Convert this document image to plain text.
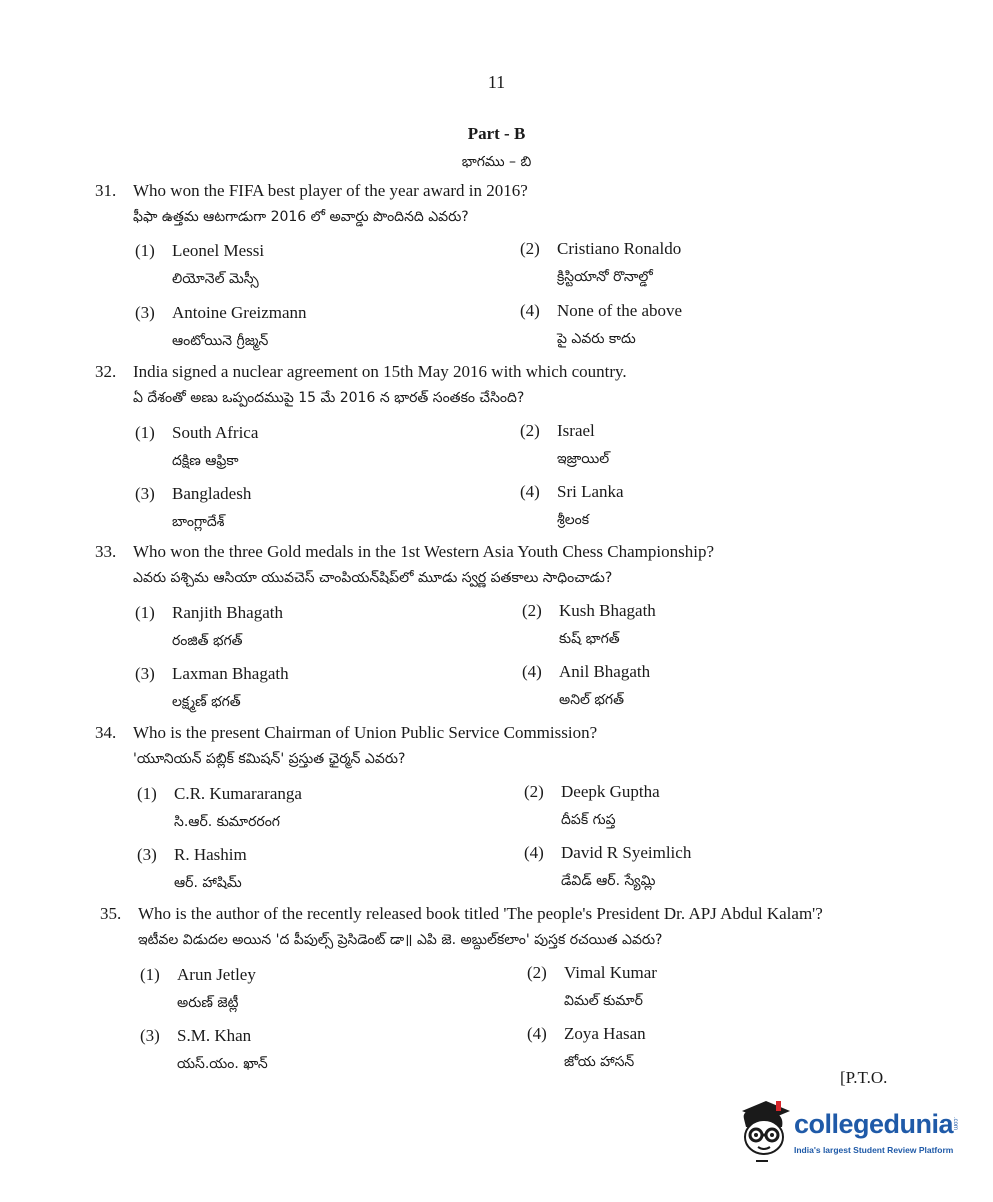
11
Part - B
భాగము – బి
31. Who won the FIFA best player of the year award in 2016?
ఫీఫా ఉత్తమ ఆటగాడుగా 2016 లో అవార్డు పొందినది ఎవరు?
(1) Leonel Messi
లియోనెల్ మెస్సీ
(2) Cristiano Ronaldo
క్రిస్టియానో రొనాల్డో
(3) Antoine Greizmann
ఆంటోయినె గ్రీజ్మన్
(4) None of the above
పై ఎవరు కాదు
32. India signed a nuclear agreement on 15th May 2016 with which country.
ఏ దేశంతో అణు ఒప్పందముపై 15 మే 2016 న భారత్ సంతకం చేసింది?
(1) South Africa
దక్షిణ ఆఫ్రికా
(2) Israel
ఇజ్రాయిల్
(3) Bangladesh
బాంగ్లాదేశ్
(4) Sri Lanka
శ్రీలంక
33. Who won the three Gold medals in the 1st Western Asia Youth Chess Championship?
ఎవరు పశ్చిమ ఆసియా యువచెస్ చాంపియన్‌షిప్‌లో మూడు స్వర్ణ పతకాలు సాధించాడు?
(1) Ranjith Bhagath
రంజిత్ భగత్
(2) Kush Bhagath
కుష్ భాగత్
(3) Laxman Bhagath
లక్ష్మణ్ భగత్
(4) Anil Bhagath
అనిల్ భగత్
34. Who is the present Chairman of Union Public Service Commission?
'యూనియన్ పబ్లిక్ కమిషన్' ప్రస్తుత ఛైర్మన్ ఎవరు?
(1) C.R. Kumararanga
సి.ఆర్. కుమారరంగ
(2) Deepk Guptha
దీపక్ గుప్త
(3) R. Hashim
ఆర్. హాషిమ్
(4) David R Syeimlich
డేవిడ్ ఆర్. స్యేమ్లి
35. Who is the author of the recently released book titled 'The people's President Dr. APJ Abdul Kalam'?
ఇటీవల విడుదల అయిన 'ద పీపుల్స్ ప్రెసిడెంట్ డా॥ ఎపి జె. అబ్దుల్‌కలాం' పుస్తక రచయిత ఎవరు?
(1) Arun Jetley
అరుణ్ జెట్లీ
(2) Vimal Kumar
విమల్ కుమార్
(3) S.M. Khan
యస్.యం. ఖాన్
(4) Zoya Hasan
జోయ హాసన్
[P.T.O.
collegedunia
.com
India's largest Student Review Platform
